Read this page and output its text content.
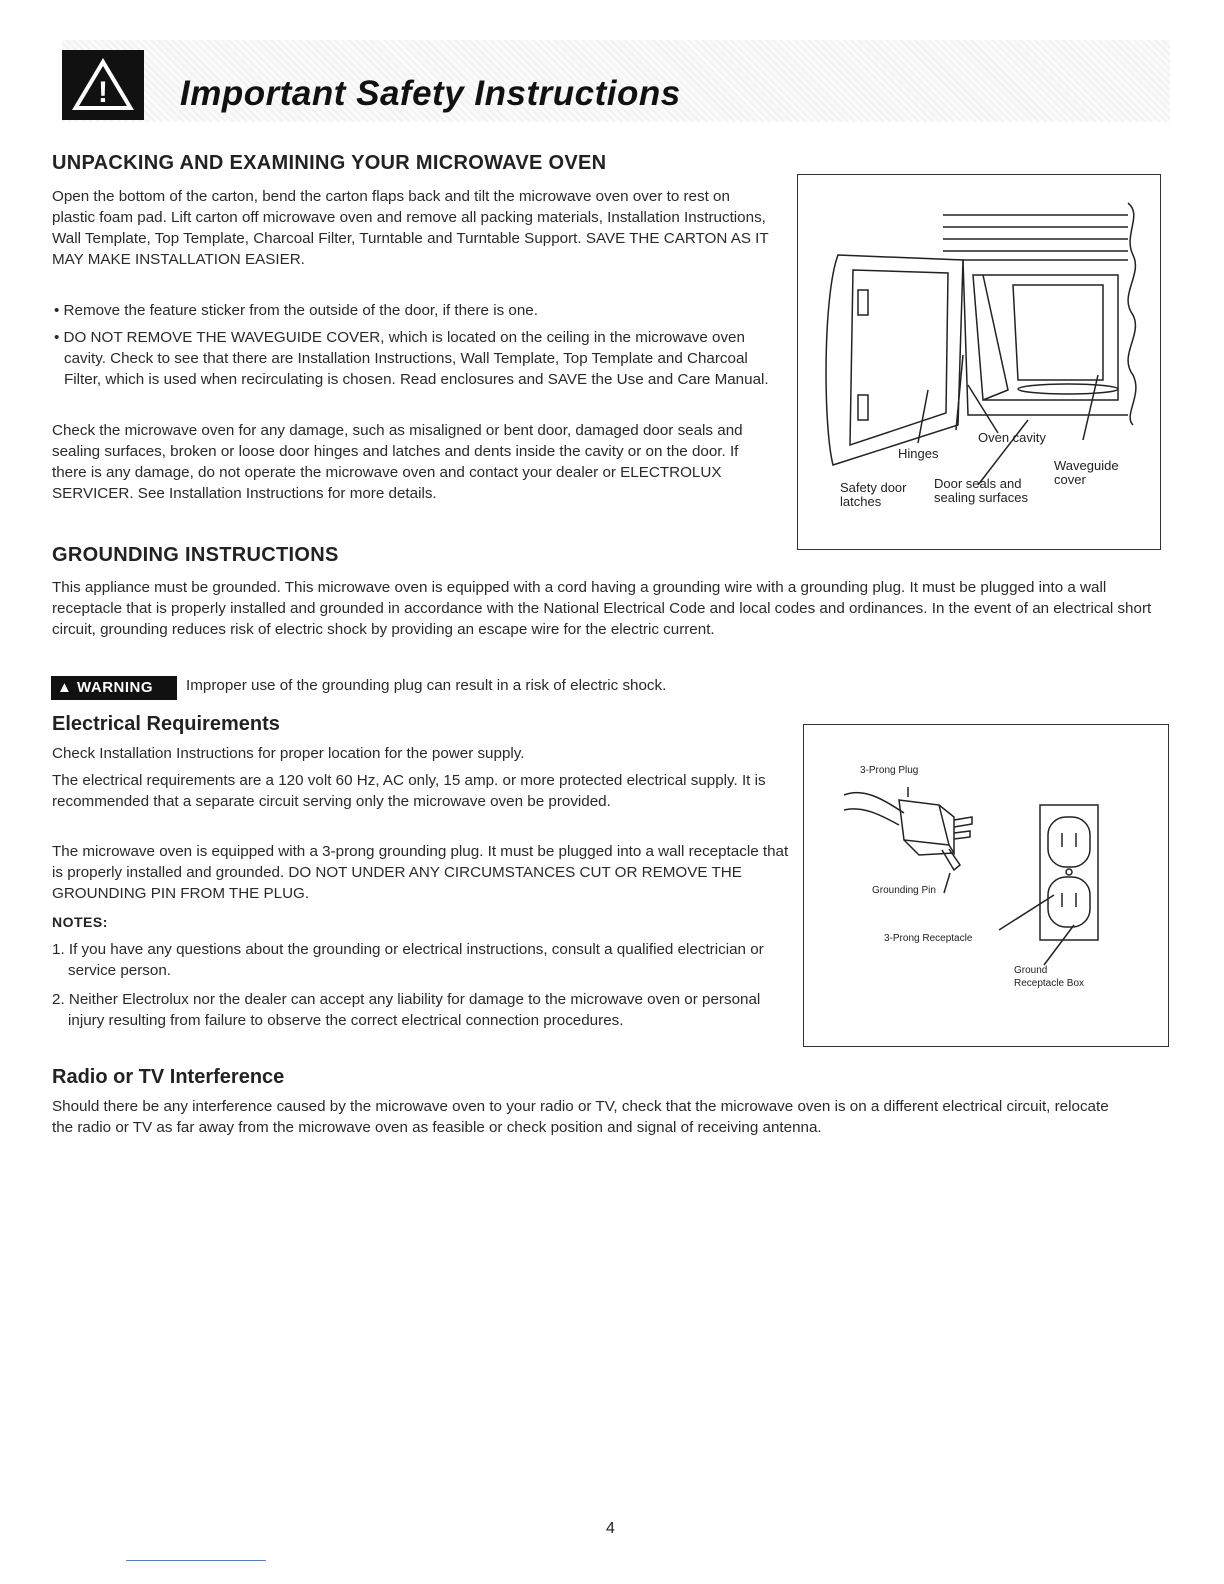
! Important Safety Instructions
UNPACKING AND EXAMINING YOUR MICROWAVE OVEN

Open the bottom of the carton, bend the carton flaps back and tilt the microwave oven over to rest on plastic foam pad. Lift carton off microwave oven and remove all packing materials, Installation Instructions, Wall Template, Top Template, Charcoal Filter, Turntable and Turntable Support. SAVE THE CARTON AS IT MAY MAKE INSTALLATION EASIER.

• Remove the feature sticker from the outside of the door, if there is one.
• DO NOT REMOVE THE WAVEGUIDE COVER, which is located on the ceiling in the microwave oven cavity. Check to see that there are Installation Instructions, Wall Template, Top Template and Charcoal Filter, which is used when recirculating is chosen. Read enclosures and SAVE the Use and Care Manual.

Check the microwave oven for any damage, such as misaligned or bent door, damaged door seals and sealing surfaces, broken or loose door hinges and latches and dents inside the cavity or on the door. If there is any damage, do not operate the microwave oven and contact your dealer or ELECTROLUX SERVICER. See Installation Instructions for more details.

Oven cavity
Hinges
Waveguide
cover
Safety door
latches
Door seals and
sealing surfaces
GROUNDING INSTRUCTIONS

This appliance must be grounded. This microwave oven is equipped with a cord having a grounding wire with a grounding plug. It must be plugged into a wall receptacle that is properly installed and grounded in accordance with the National Electrical Code and local codes and ordinances. In the event of an electrical short circuit, grounding reduces risk of electric shock by providing an escape wire for the electric current.

▲ WARNING	Improper use of the grounding plug can result in a risk of electric shock.
Electrical Requirements

Check Installation Instructions for proper location for the power supply.

The electrical requirements are a 120 volt 60 Hz, AC only, 15 amp. or more protected electrical supply. It is recommended that a separate circuit serving only the microwave oven be provided.

The microwave oven is equipped with a 3-prong grounding plug. It must be plugged into a wall receptacle that is properly installed and grounded. DO NOT UNDER ANY CIRCUMSTANCES CUT OR REMOVE THE GROUNDING PIN FROM THE PLUG.

NOTES:
1. If you have any questions about the grounding or electrical instructions, consult a qualified electrician or service person.
2. Neither Electrolux nor the dealer can accept any liability for damage to the microwave oven or personal injury resulting from failure to observe the correct electrical connection procedures.
3-Prong Plug
Grounding Pin
3-Prong Receptacle
Ground
Receptacle Box
Radio or TV Interference

Should there be any interference caused by the microwave oven to your radio or TV, check that the microwave oven is on a different electrical circuit, relocate the radio or TV as far away from the microwave oven as feasible or check position and signal of receiving antenna.

4
